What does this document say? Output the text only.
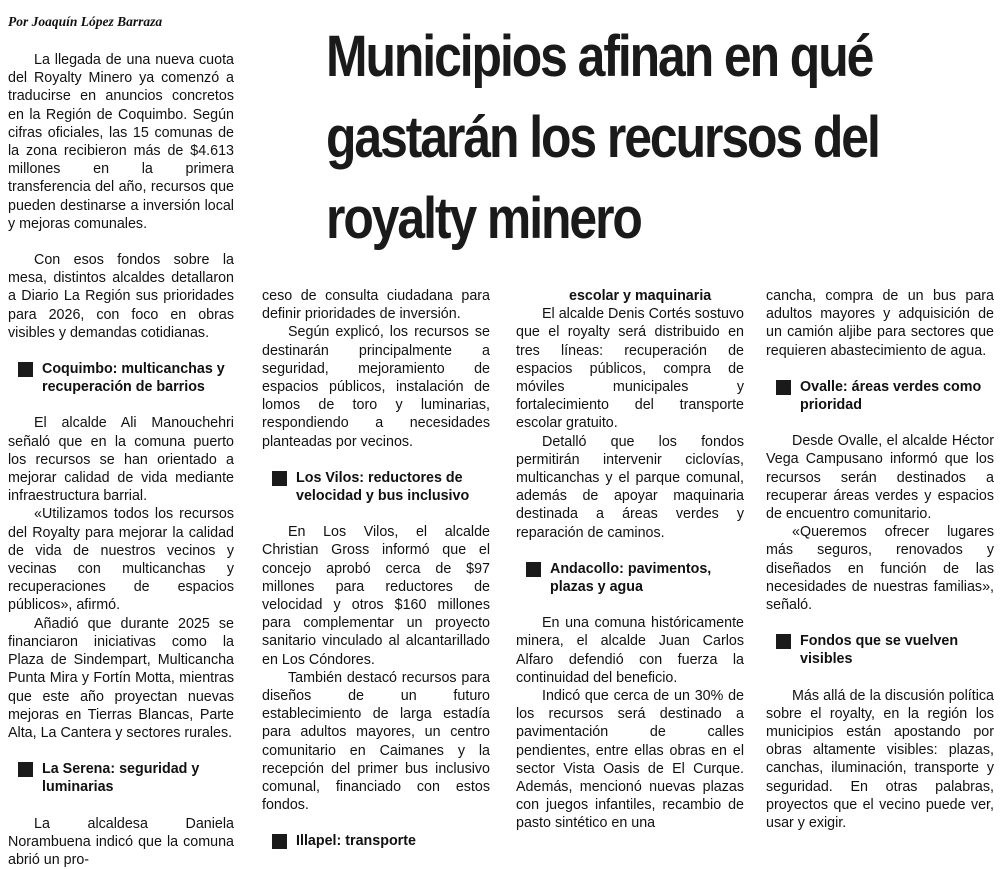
Por Joaquín López Barraza
Municipios afinan en qué gastarán los recursos del royalty minero

La llegada de una nueva cuota del Royalty Minero ya comenzó a traducirse en anuncios concretos en la Región de Coquimbo. Según cifras oficiales, las 15 comunas de la zona recibieron más de $4.613 millones en la primera transferencia del año, recursos que pueden destinarse a inversión local y mejoras comunales.

Con esos fondos sobre la mesa, distintos alcaldes detallaron a Diario La Región sus prioridades para 2026, con foco en obras visibles y demandas cotidianas.

Coquimbo: multicanchas y recuperación de barrios

El alcalde Ali Manouchehri señaló que en la comuna puerto los recursos se han orientado a mejorar calidad de vida mediante infraestructura barrial.

«Utilizamos todos los recursos del Royalty para mejorar la calidad de vida de nuestros vecinos y vecinas con multicanchas y recuperaciones de espacios públicos», afirmó.

Añadió que durante 2025 se financiaron iniciativas como la Plaza de Sindempart, Multicancha Punta Mira y Fortín Motta, mientras que este año proyectan nuevas mejoras en Tierras Blancas, Parte Alta, La Cantera y sectores rurales.

La Serena: seguridad y luminarias

La alcaldesa Daniela Norambuena indicó que la comuna abrió un pro-

ceso de consulta ciudadana para definir prioridades de inversión.

Según explicó, los recursos se destinarán principalmente a seguridad, mejoramiento de espacios públicos, instalación de lomos de toro y luminarias, respondiendo a necesidades planteadas por vecinos.

Los Vilos: reductores de velocidad y bus inclusivo

En Los Vilos, el alcalde Christian Gross informó que el concejo aprobó cerca de $97 millones para reductores de velocidad y otros $160 millones para complementar un proyecto sanitario vinculado al alcantarillado en Los Cóndores.

También destacó recursos para diseños de un futuro establecimiento de larga estadía para adultos mayores, un centro comunitario en Caimanes y la recepción del primer bus inclusivo comunal, financiado con estos fondos.

Illapel: transporte

escolar y maquinaria

El alcalde Denis Cortés sostuvo que el royalty será distribuido en tres líneas: recuperación de espacios públicos, compra de móviles municipales y fortalecimiento del transporte escolar gratuito.

Detalló que los fondos permitirán intervenir ciclovías, multicanchas y el parque comunal, además de apoyar maquinaria destinada a áreas verdes y reparación de caminos.

Andacollo: pavimentos, plazas y agua

En una comuna históricamente minera, el alcalde Juan Carlos Alfaro defendió con fuerza la continuidad del beneficio.

Indicó que cerca de un 30% de los recursos será destinado a pavimentación de calles pendientes, entre ellas obras en el sector Vista Oasis de El Curque. Además, mencionó nuevas plazas con juegos infantiles, recambio de pasto sintético en una

cancha, compra de un bus para adultos mayores y adquisición de un camión aljibe para sectores que requieren abastecimiento de agua.

Ovalle: áreas verdes como prioridad

Desde Ovalle, el alcalde Héctor Vega Campusano informó que los recursos serán destinados a recuperar áreas verdes y espacios de encuentro comunitario.

«Queremos ofrecer lugares más seguros, renovados y diseñados en función de las necesidades de nuestras familias», señaló.

Fondos que se vuelven visibles

Más allá de la discusión política sobre el royalty, en la región los municipios están apostando por obras altamente visibles: plazas, canchas, iluminación, transporte y seguridad. En otras palabras, proyectos que el vecino puede ver, usar y exigir.
